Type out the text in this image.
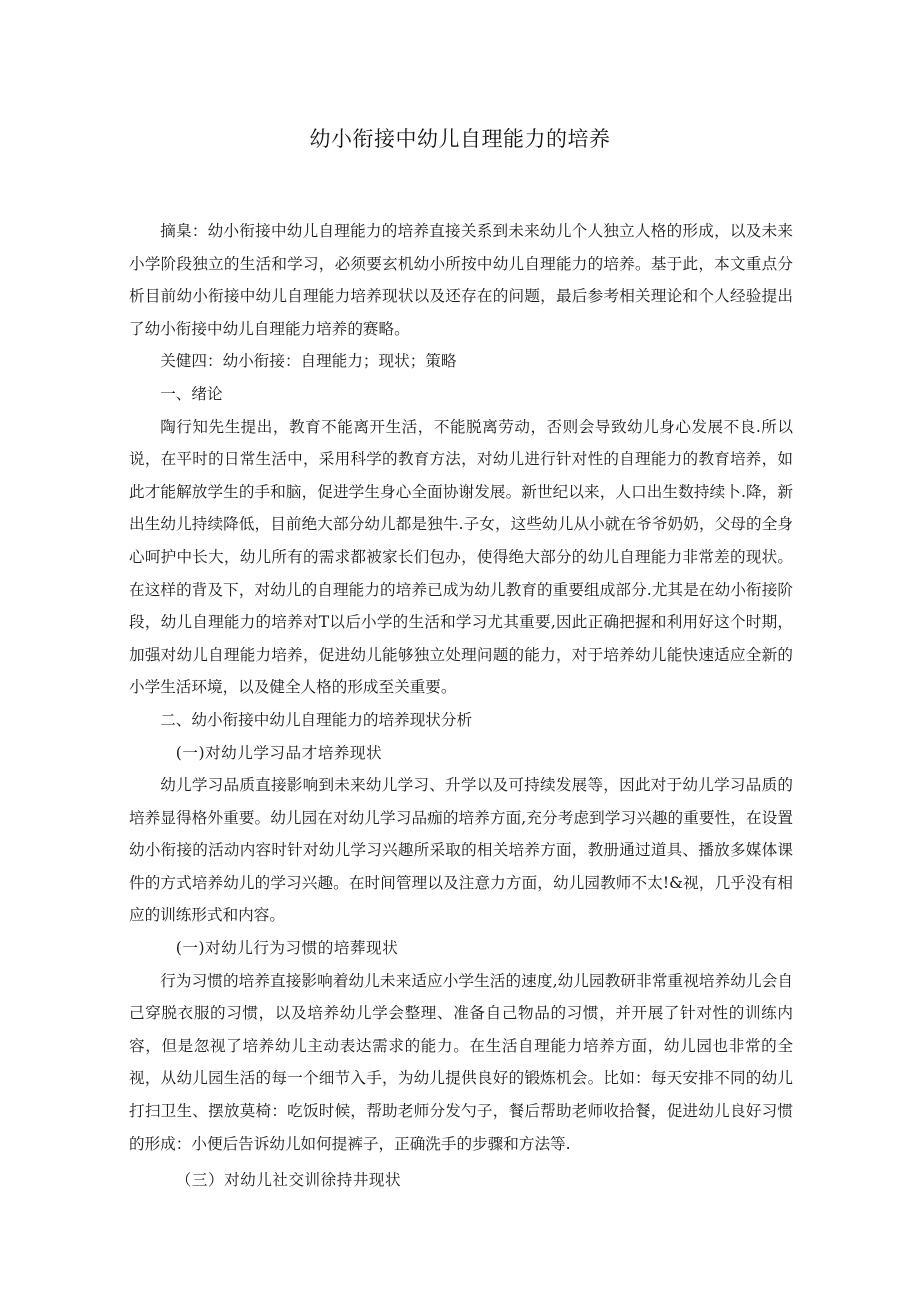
幼小衔接中幼儿自理能力的培养

摘臬：幼小衔接中幼儿自理能力的培养直接关系到未来幼儿个人独立人格的形成，以及未来小学阶段独立的生活和学习，必须要玄机幼小所按中幼儿自理能力的培养。基于此，本文重点分析目前幼小衔接中幼儿自理能力培养现状以及还存在的问题，最后参考相关理论和个人经验提出了幼小衔接中幼儿自理能力培养的赛略。

关健四：幼小衔接：自理能力；现状；策略

一、绪论

陶行知先生提出，教育不能离开生活，不能脱离劳动，否则会导致幼儿身心发展不良.所以说，在平时的日常生活中，采用科学的教育方法，对幼儿进行针对性的自理能力的教育培养，如此才能解放学生的手和脑，促进学生身心全面协谢发展。新世纪以来，人口出生数持续卜.降，新出生幼儿持续降低，目前绝大部分幼儿都是独牛.子女，这些幼儿从小就在爷爷奶奶，父母的全身心呵护中长大，幼儿所有的需求都被家长们包办，使得绝大部分的幼儿自理能力非常差的现状。在这样的背及下，对幼儿的自理能力的培养已成为幼儿教育的重要组成部分.尤其是在幼小衔接阶段，幼儿自理能力的培养对T以后小学的生活和学习尤其重要,因此正确把握和利用好这个时期，加强对幼儿自理能力培养，促进幼儿能够独立处理问题的能力，对于培养幼儿能快速适应全新的小学生活环境，以及健全人格的形成至关重要。

二、幼小衔接中幼儿自理能力的培养现状分析

(一)对幼儿学习品才培养现状

幼儿学习品质直接影响到未来幼儿学习、升学以及可持续发展等，因此对于幼儿学习品质的培养显得格外重要。幼儿园在对幼儿学习品痂的培养方面,充分考虑到学习兴趣的重要性，在设置幼小衔接的活动内容时针对幼儿学习兴趣所采取的相关培养方面，教册通过道具、播放多媒体课件的方式培养幼儿的学习兴趣。在时间管理以及注意力方面，幼儿园教师不太!&视，几乎没有相应的训练形式和内容。

(一)对幼儿行为习惯的培葬现状

行为习惯的培养直接影响着幼儿未来适应小学生活的速度,幼儿园教研非常重视培养幼儿会自己穿脱衣服的习惯，以及培养幼儿学会整理、准备自己物品的习惯，并开展了针对性的训练内容，但是忽视了培养幼儿主动表达需求的能力。在生活自理能力培养方面，幼儿园也非常的全视，从幼儿园生活的每一个细节入手，为幼儿提供良好的锻炼机会。比如：每天安排不同的幼儿打扫卫生、摆放莫椅：吃饭时候，帮助老师分发勺子，餐后帮助老师收拾餐，促进幼儿良好习惯的形成：小便后告诉幼儿如何提裤子，正确洗手的步骤和方法等.

（三）对幼儿社交训徐持井现状
